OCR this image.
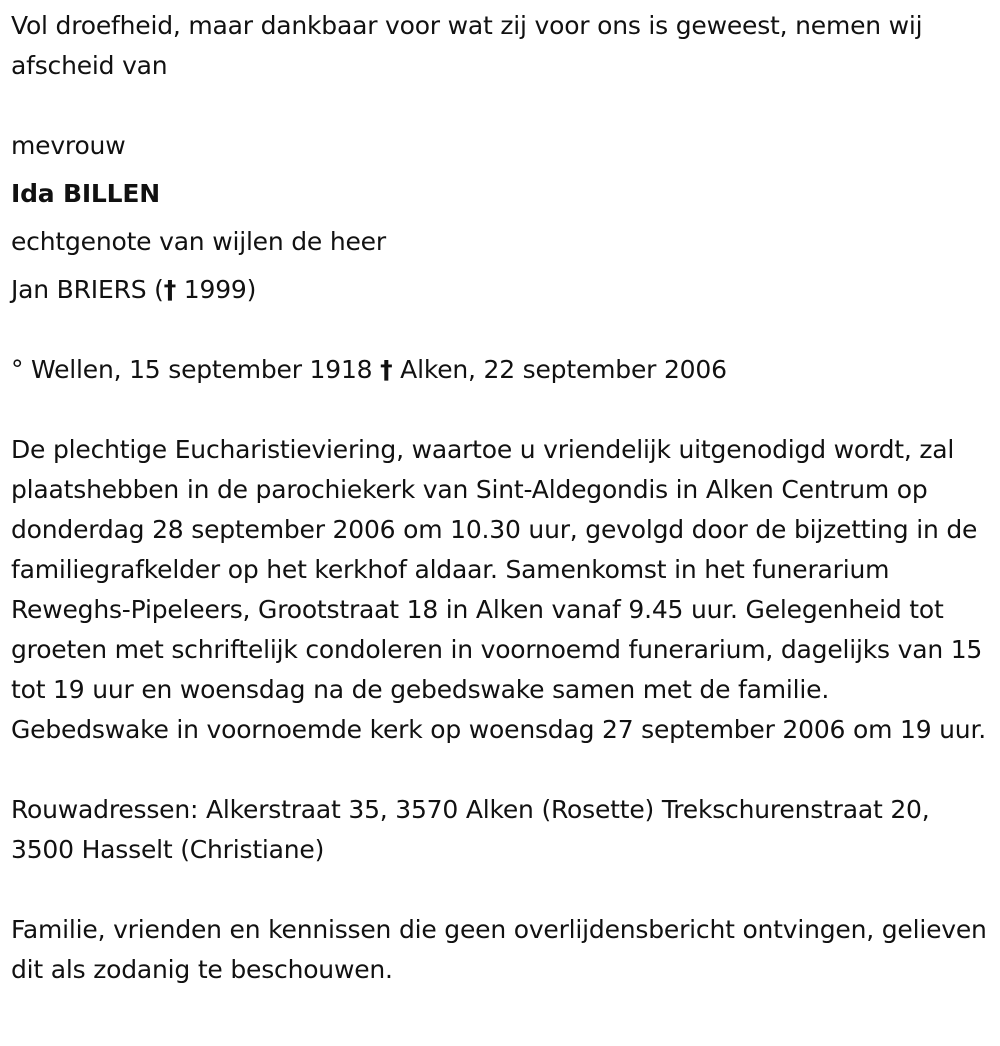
Vol droefheid, maar dankbaar voor wat zij voor ons is geweest, nemen wij afscheid van

mevrouw

Ida BILLEN

echtgenote van wijlen de heer

Jan BRIERS († 1999)

° Wellen, 15 september 1918 † Alken, 22 september 2006

De plechtige Eucharistieviering, waartoe u vriendelijk uitgenodigd wordt, zal plaatshebben in de parochiekerk van Sint-Aldegondis in Alken Centrum op donderdag 28 september 2006 om 10.30 uur, gevolgd door de bijzetting in de familiegrafkelder op het kerkhof aldaar. Samenkomst in het funerarium Reweghs-Pipeleers, Grootstraat 18 in Alken vanaf 9.45 uur. Gelegenheid tot groeten met schriftelijk condoleren in voornoemd funerarium, dagelijks van 15 tot 19 uur en woensdag na de gebedswake samen met de familie. Gebedswake in voornoemde kerk op woensdag 27 september 2006 om 19 uur.

Rouwadressen: Alkerstraat 35, 3570 Alken (Rosette) Trekschurenstraat 20, 3500 Hasselt (Christiane)

Familie, vrienden en kennissen die geen overlijdensbericht ontvingen, gelieven dit als zodanig te beschouwen.
